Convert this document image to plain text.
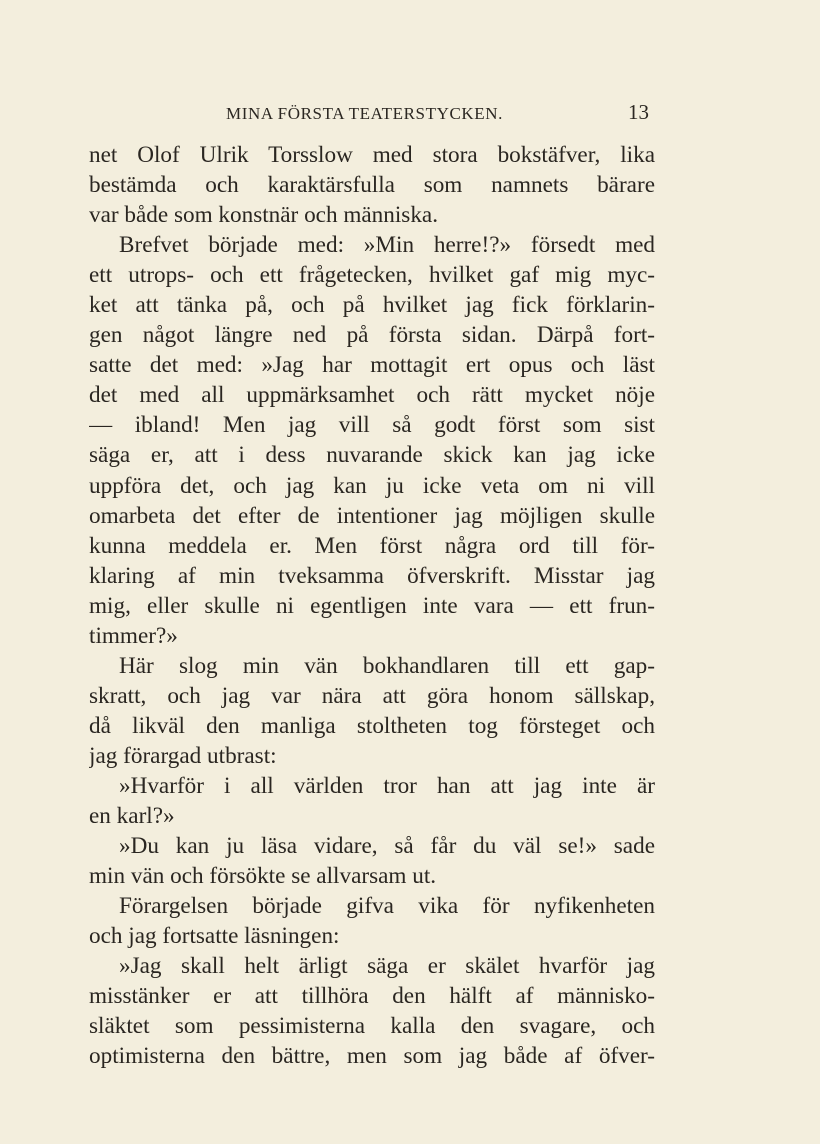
MINA FÖRSTA TEATERSTYCKEN.	13
net Olof Ulrik Torsslow med stora bokstäfver, lika
bestämda och karaktärsfulla som namnets bärare
var både som konstnär och människa.
Brefvet började med: »Min herre!?» försedt med
ett utrops- och ett frågetecken, hvilket gaf mig myc-
ket att tänka på, och på hvilket jag fick förklarin-
gen något längre ned på första sidan. Därpå fort-
satte det med: »Jag har mottagit ert opus och läst
det med all uppmärksamhet och rätt mycket nöje
— ibland! Men jag vill så godt först som sist
säga er, att i dess nuvarande skick kan jag icke
uppföra det, och jag kan ju icke veta om ni vill
omarbeta det efter de intentioner jag möjligen skulle
kunna meddela er. Men först några ord till för-
klaring af min tveksamma öfverskrift. Misstar jag
mig, eller skulle ni egentligen inte vara — ett frun-
timmer?»
Här slog min vän bokhandlaren till ett gap-
skratt, och jag var nära att göra honom sällskap,
då likväl den manliga stoltheten tog försteget och
jag förargad utbrast:
»Hvarför i all världen tror han att jag inte är
en karl?»
»Du kan ju läsa vidare, så får du väl se!» sade
min vän och försökte se allvarsam ut.
Förargelsen började gifva vika för nyfikenheten
och jag fortsatte läsningen:
»Jag skall helt ärligt säga er skälet hvarför jag
misstänker er att tillhöra den hälft af människo-
släktet som pessimisterna kalla den svagare, och
optimisterna den bättre, men som jag både af öfver-
